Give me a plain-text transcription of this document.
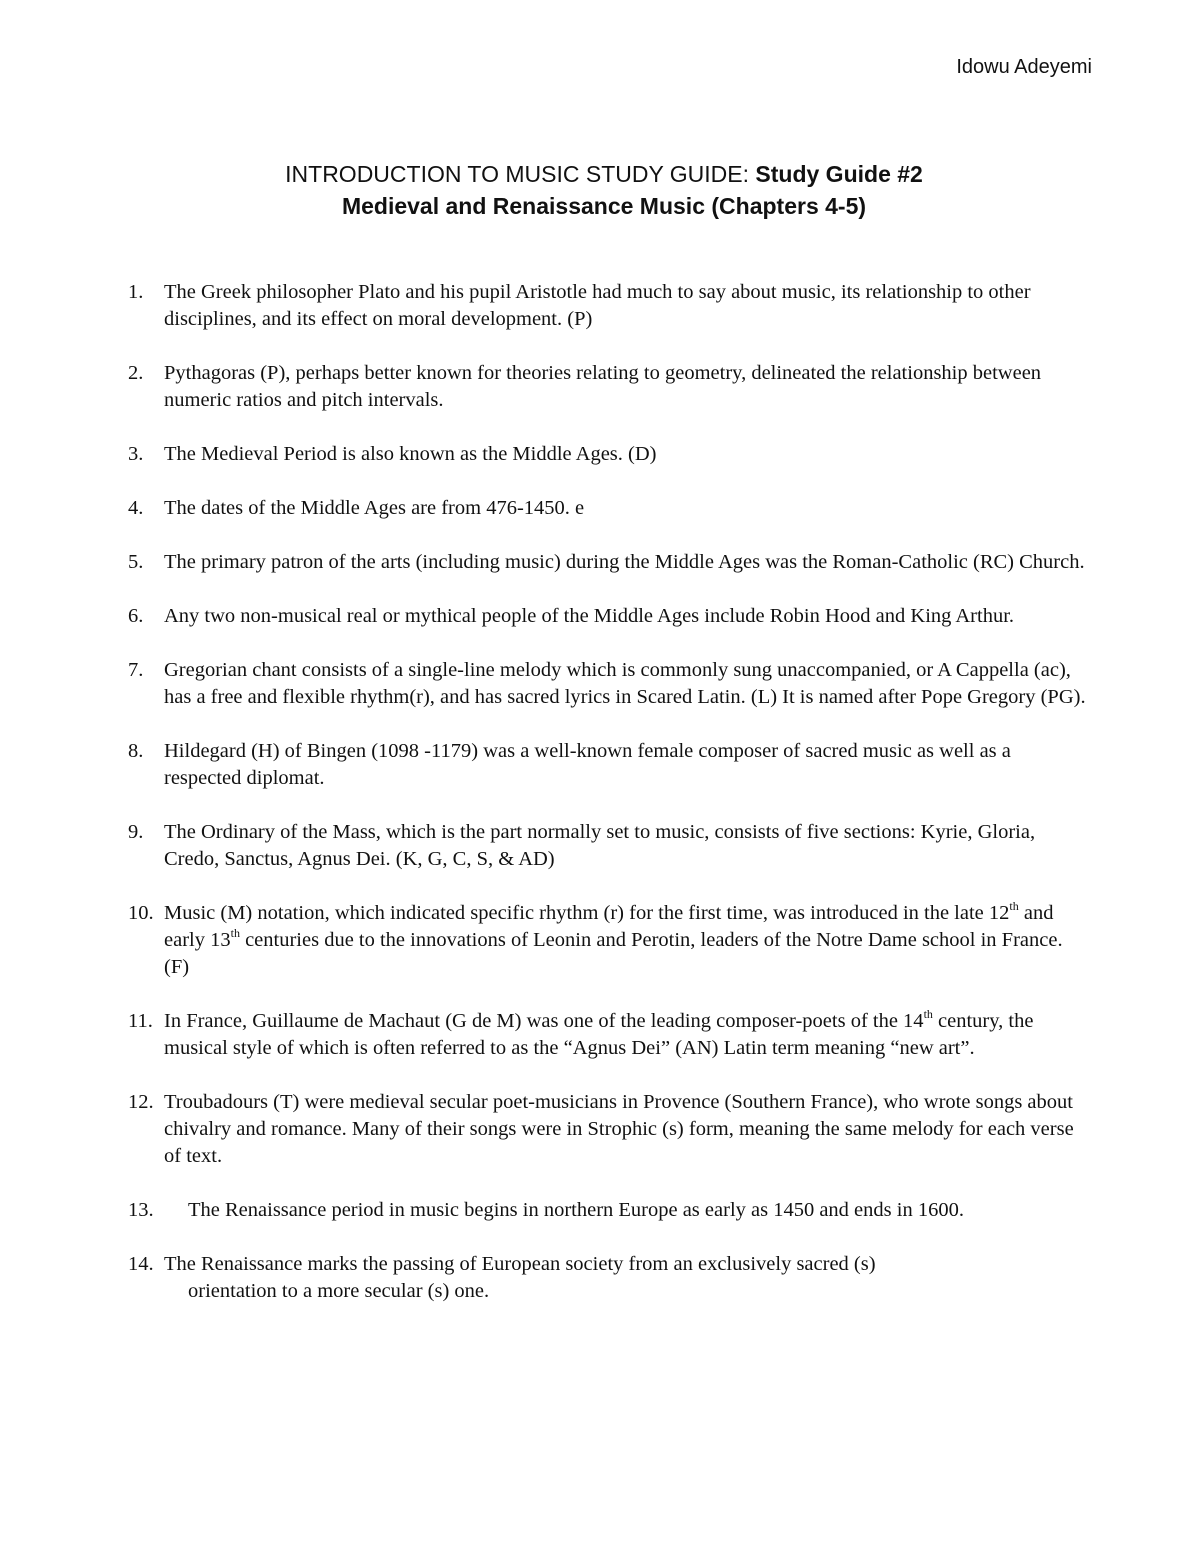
Idowu Adeyemi
INTRODUCTION TO MUSIC STUDY GUIDE: Study Guide #2
Medieval and Renaissance Music (Chapters 4-5)
1. The Greek philosopher Plato and his pupil Aristotle had much to say about music, its relationship to other disciplines, and its effect on moral development. (P)
2. Pythagoras (P), perhaps better known for theories relating to geometry, delineated the relationship between numeric ratios and pitch intervals.
3. The Medieval Period is also known as the Middle Ages. (D)
4. The dates of the Middle Ages are from 476-1450. e
5. The primary patron of the arts (including music) during the Middle Ages was the Roman-Catholic (RC) Church.
6. Any two non-musical real or mythical people of the Middle Ages include Robin Hood and King Arthur.
7. Gregorian chant consists of a single-line melody which is commonly sung unaccompanied, or A Cappella (ac), has a free and flexible rhythm(r), and has sacred lyrics in Scared Latin. (L) It is named after Pope Gregory (PG).
8. Hildegard (H) of Bingen (1098 -1179) was a well-known female composer of sacred music as well as a respected diplomat.
9. The Ordinary of the Mass, which is the part normally set to music, consists of five sections: Kyrie, Gloria, Credo, Sanctus, Agnus Dei. (K, G, C, S, & AD)
10. Music (M) notation, which indicated specific rhythm (r) for the first time, was introduced in the late 12th and early 13th centuries due to the innovations of Leonin and Perotin, leaders of the Notre Dame school in France. (F)
11. In France, Guillaume de Machaut (G de M) was one of the leading composer-poets of the 14th century, the musical style of which is often referred to as the “Agnus Dei” (AN) Latin term meaning “new art”.
12. Troubadours (T) were medieval secular poet-musicians in Provence (Southern France), who wrote songs about chivalry and romance. Many of their songs were in Strophic (s) form, meaning the same melody for each verse of text.
13. The Renaissance period in music begins in northern Europe as early as 1450 and ends in 1600.
14. The Renaissance marks the passing of European society from an exclusively sacred (s)
orientation to a more secular (s) one.
